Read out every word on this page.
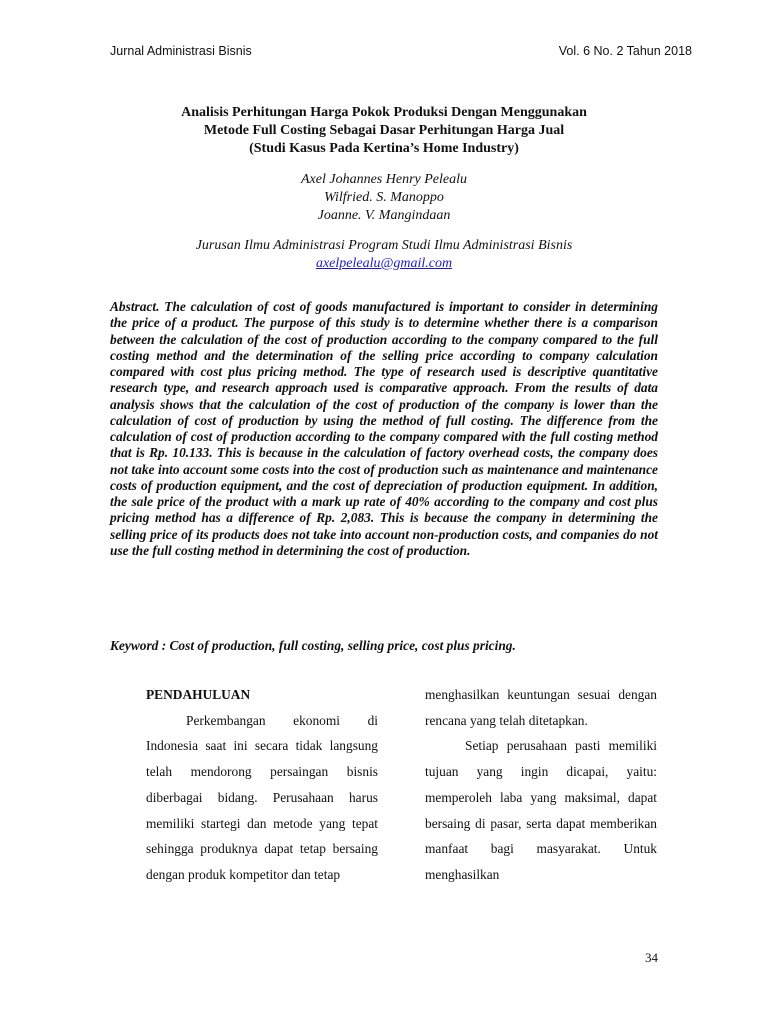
Jurnal Administrasi Bisnis	Vol. 6 No. 2 Tahun 2018
Analisis Perhitungan Harga Pokok Produksi Dengan Menggunakan
Metode Full Costing Sebagai Dasar Perhitungan Harga Jual
(Studi Kasus Pada Kertina’s Home Industry)
Axel Johannes Henry Pelealu
Wilfried. S. Manoppo
Joanne. V. Mangindaan
Jurusan Ilmu Administrasi Program Studi Ilmu Administrasi Bisnis
axelpelealu@gmail.com

Abstract. The calculation of cost of goods manufactured is important to consider in determining the price of a product. The purpose of this study is to determine whether there is a comparison between the calculation of the cost of production according to the company compared to the full costing method and the determination of the selling price according to company calculation compared with cost plus pricing method. The type of research used is descriptive quantitative research type, and research approach used is comparative approach. From the results of data analysis shows that the calculation of the cost of production of the company is lower than the calculation of cost of production by using the method of full costing. The difference from the calculation of cost of production according to the company compared with the full costing method that is Rp. 10.133. This is because in the calculation of factory overhead costs, the company does not take into account some costs into the cost of production such as maintenance and maintenance costs of production equipment, and the cost of depreciation of production equipment. In addition, the sale price of the product with a mark up rate of 40% according to the company and cost plus pricing method has a difference of Rp. 2,083. This is because the company in determining the selling price of its products does not take into account non-production costs, and companies do not use the full costing method in determining the cost of production.

Keyword : Cost of production, full costing, selling price, cost plus pricing.

PENDAHULUAN

Perkembangan ekonomi di Indonesia saat ini secara tidak langsung telah mendorong persaingan bisnis diberbagai bidang. Perusahaan harus memiliki startegi dan metode yang tepat sehingga produknya dapat tetap bersaing dengan produk kompetitor dan tetap

menghasilkan keuntungan sesuai dengan rencana yang telah ditetapkan.

Setiap perusahaan pasti memiliki tujuan yang ingin dicapai, yaitu: memperoleh laba yang maksimal, dapat bersaing di pasar, serta dapat memberikan manfaat bagi masyarakat. Untuk menghasilkan

34
